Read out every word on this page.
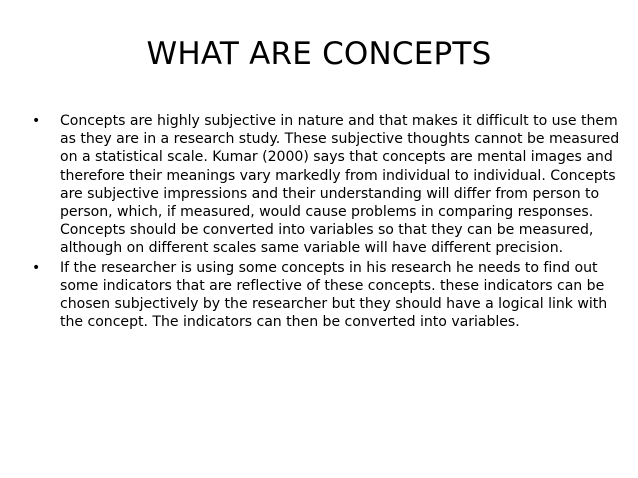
WHAT ARE CONCEPTS
• Concepts are highly subjective in nature and that makes it difficult to use them as they are in a research study. These subjective thoughts cannot be measured on a statistical scale. Kumar (2000) says that concepts are mental images and therefore their meanings vary markedly from individual to individual. Concepts are subjective impressions and their understanding will differ from person to person, which, if measured, would cause problems in comparing responses. Concepts should be converted into variables so that they can be measured, although on different scales same variable will have different precision.
• If the researcher is using some concepts in his research he needs to find out some indicators that are reflective of these concepts. these indicators can be chosen subjectively by the researcher but they should have a logical link with the concept. The indicators can then be converted into variables.
